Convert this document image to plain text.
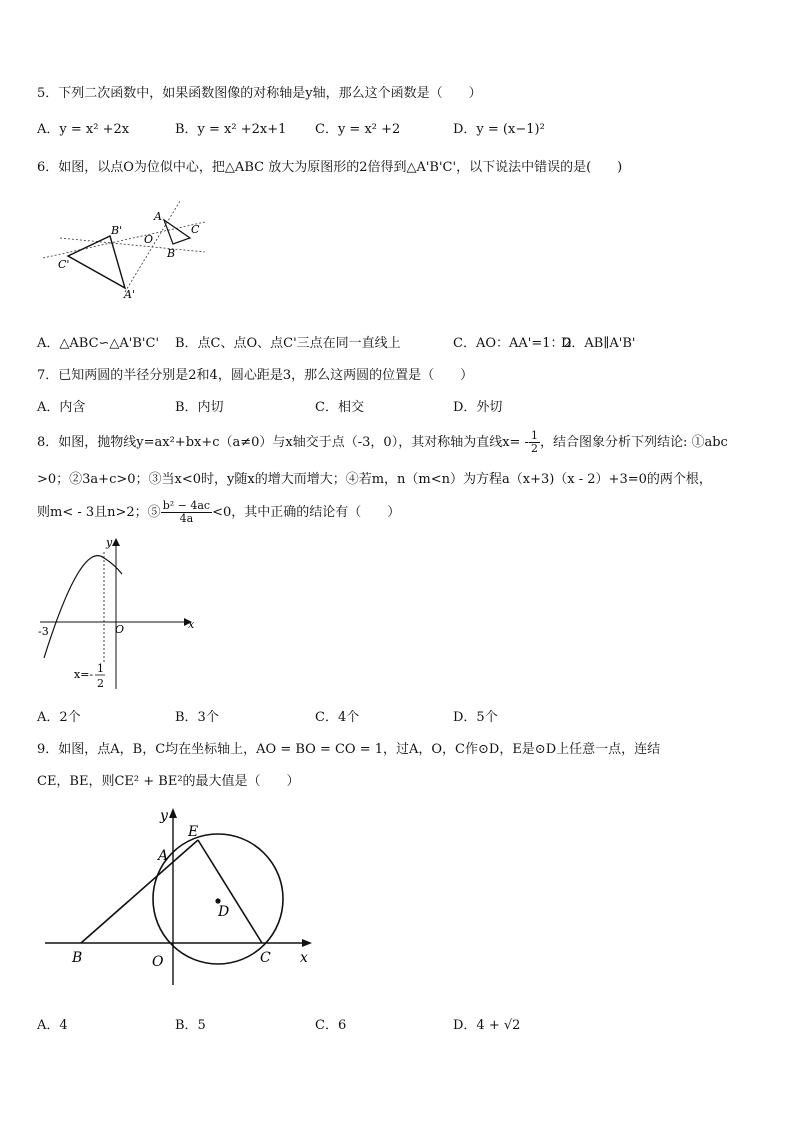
5．下列二次函数中，如果函数图像的对称轴是y轴，那么这个函数是（　　）
A．y = x² +2x	B．y = x² +2x+1 C．y = x² +2	D．y = (x−1)²
6．如图，以点O为位似中心，把△ABC 放大为原图形的2倍得到△A'B'C'，以下说法中错误的是(　　)
B'
C'
A'
O
A
B
C
A．△ABC∽△A'B'C' B．点C、点O、点C'三点在同一直线上	C．AO：AA'=1：2
D．AB∥A'B'
7．已知两圆的半径分别是2和4，圆心距是3，那么这两圆的位置是（　　）
A．内含	B．内切	C．相交	D．外切
8．如图，抛物线y=ax²+bx+c（a≠0）与x轴交于点（-3，0），其对称轴为直线$x= - \frac{1}{2}$ ，结合图象分析下列结论: ①abc
>0；②3a+c>0；③当x<0时，y随x的增大而增大；④若m，n（m<n）为方程a（x+3)（x - 2）+3=0的两个根，
则m< - 3且n>2；⑤ $\frac{\text{b² − 4ac}}{4a} <0$，其中正确的结论有（　　）
y
x
O
-3
x=- 1
2
A．2个	B．3个	C．4个	D．5个
9．如图，点A，B，C均在坐标轴上，AO = BO = CO = 1，过A，O，C作⊙D，E是⊙D上任意一点，连结
CE，BE，则CE² + BE²的最大值是（　　）
y
E
A
D
B	O	C x
A．4	B．5	C．6	D．4 + √2
